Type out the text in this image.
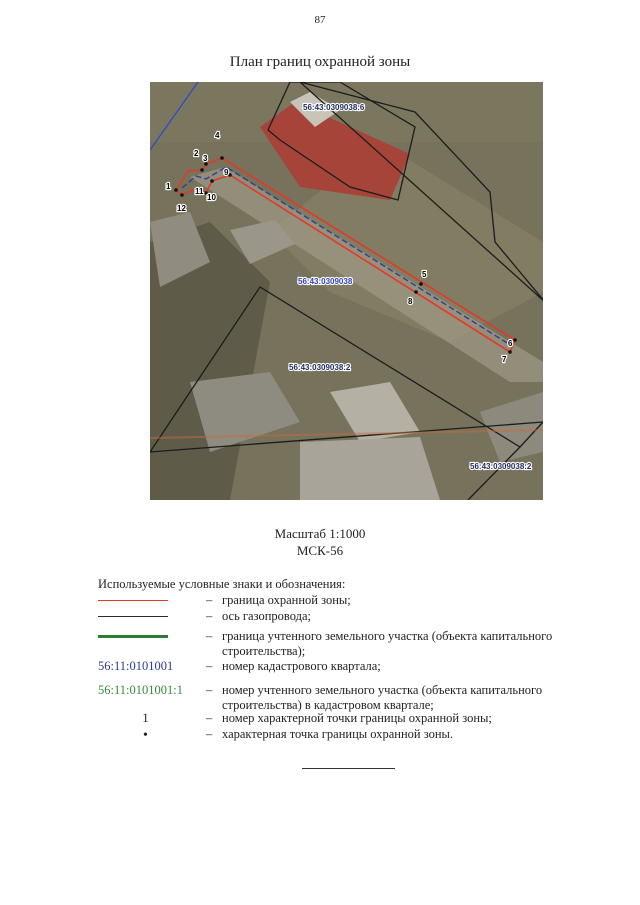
87
План границ охранной зоны
1
2
3
4
5
6
7
8
9
10
11
12
56:43:0309038:6
56:43:0309038
56:43:0309038:2
56:43:0309038:2
Масштаб 1:1000
МСК-56
Используемые условные знаки и обозначения:
– граница охранной зоны;
– ось газопровода;
– граница учтенного земельного участка (объекта капитального строительства);
56:11:0101001	– номер кадастрового квартала;
56:11:0101001:1	– номер учтенного земельного участка (объекта капитального строительства) в кадастровом квартале;
1	– номер характерной точки границы охранной зоны;
•	– характерная точка границы охранной зоны.
